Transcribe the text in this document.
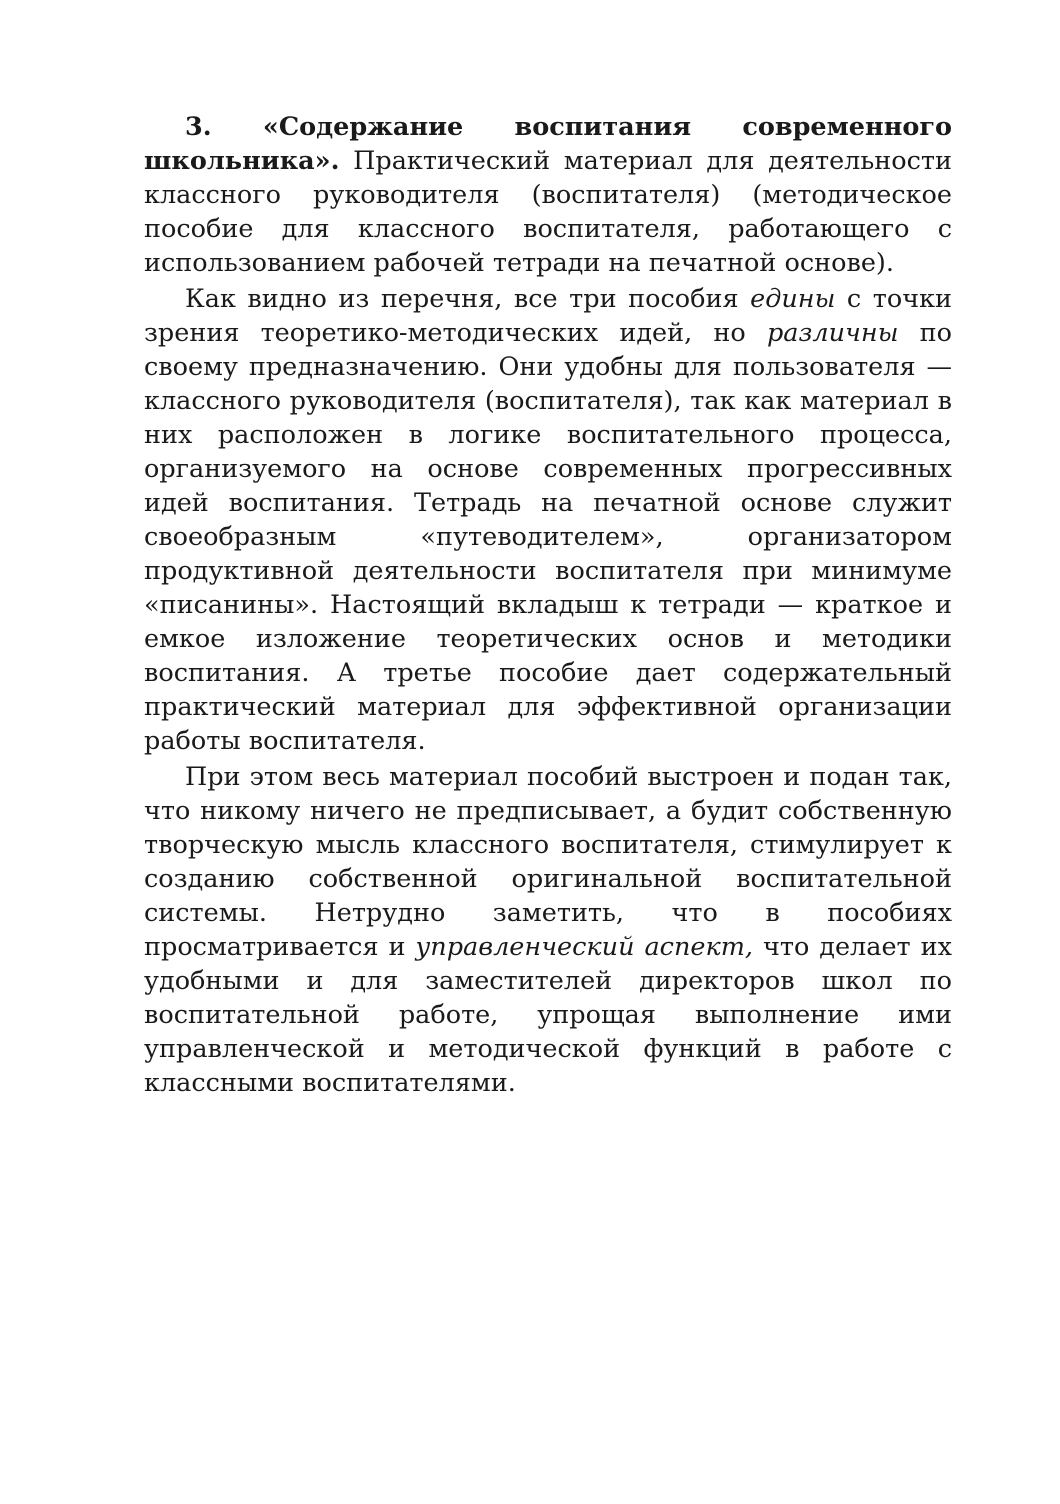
3. «Содержание воспитания современного школьника». Практический материал для деятельности классного руководителя (воспитателя) (методическое пособие для классного воспитателя, работающего с использованием рабочей тетради на печатной основе).

Как видно из перечня, все три пособия едины с точки зрения теоретико-методических идей, но различны по своему предназначению. Они удобны для пользователя — классного руководителя (воспитателя), так как материал в них расположен в логике воспитательного процесса, организуемого на основе современных прогрессивных идей воспитания. Тетрадь на печатной основе служит своеобразным «путеводителем», организатором продуктивной деятельности воспитателя при минимуме «писанины». Настоящий вкладыш к тетради — краткое и емкое изложение теоретических основ и методики воспитания. А третье пособие дает содержательный практический материал для эффективной организации работы воспитателя.

При этом весь материал пособий выстроен и подан так, что никому ничего не предписывает, а будит собственную творческую мысль классного воспитателя, стимулирует к созданию собственной оригинальной воспитательной системы. Нетрудно заметить, что в пособиях просматривается и управленческий аспект, что делает их удобными и для заместителей директоров школ по воспитательной работе, упрощая выполнение ими управленческой и методической функций в работе с классными воспитателями.
